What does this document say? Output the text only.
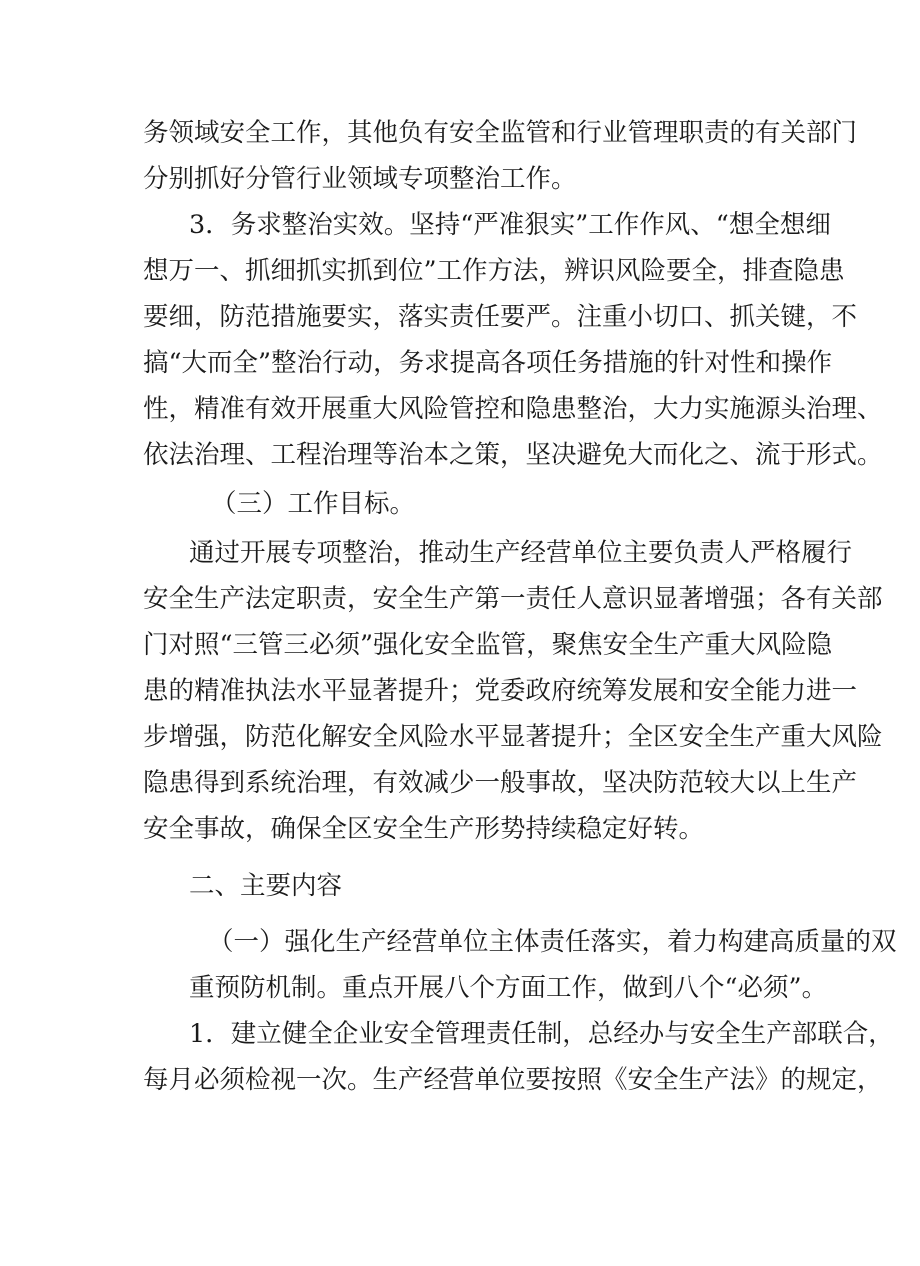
务领域安全工作，其他负有安全监管和行业管理职责的有关部门
分别抓好分管行业领域专项整治工作。
3．务求整治实效。坚持“严准狠实”工作作风、“想全想细
想万一、抓细抓实抓到位”工作方法，辨识风险要全，排查隐患
要细，防范措施要实，落实责任要严。注重小切口、抓关键，不
搞“大而全”整治行动，务求提高各项任务措施的针对性和操作
性，精准有效开展重大风险管控和隐患整治，大力实施源头治理、
依法治理、工程治理等治本之策，坚决避免大而化之、流于形式。
（三）工作目标。
通过开展专项整治，推动生产经营单位主要负责人严格履行
安全生产法定职责，安全生产第一责任人意识显著增强；各有关部
门对照“三管三必须”强化安全监管，聚焦安全生产重大风险隐
患的精准执法水平显著提升；党委政府统筹发展和安全能力进一
步增强，防范化解安全风险水平显著提升；全区安全生产重大风险
隐患得到系统治理，有效减少一般事故，坚决防范较大以上生产
安全事故，确保全区安全生产形势持续稳定好转。
二、主要内容
（一）强化生产经营单位主体责任落实，着力构建高质量的双
重预防机制。重点开展八个方面工作，做到八个“必须”。
1．建立健全企业安全管理责任制，总经办与安全生产部联合，
每月必须检视一次。生产经营单位要按照《安全生产法》的规定，
